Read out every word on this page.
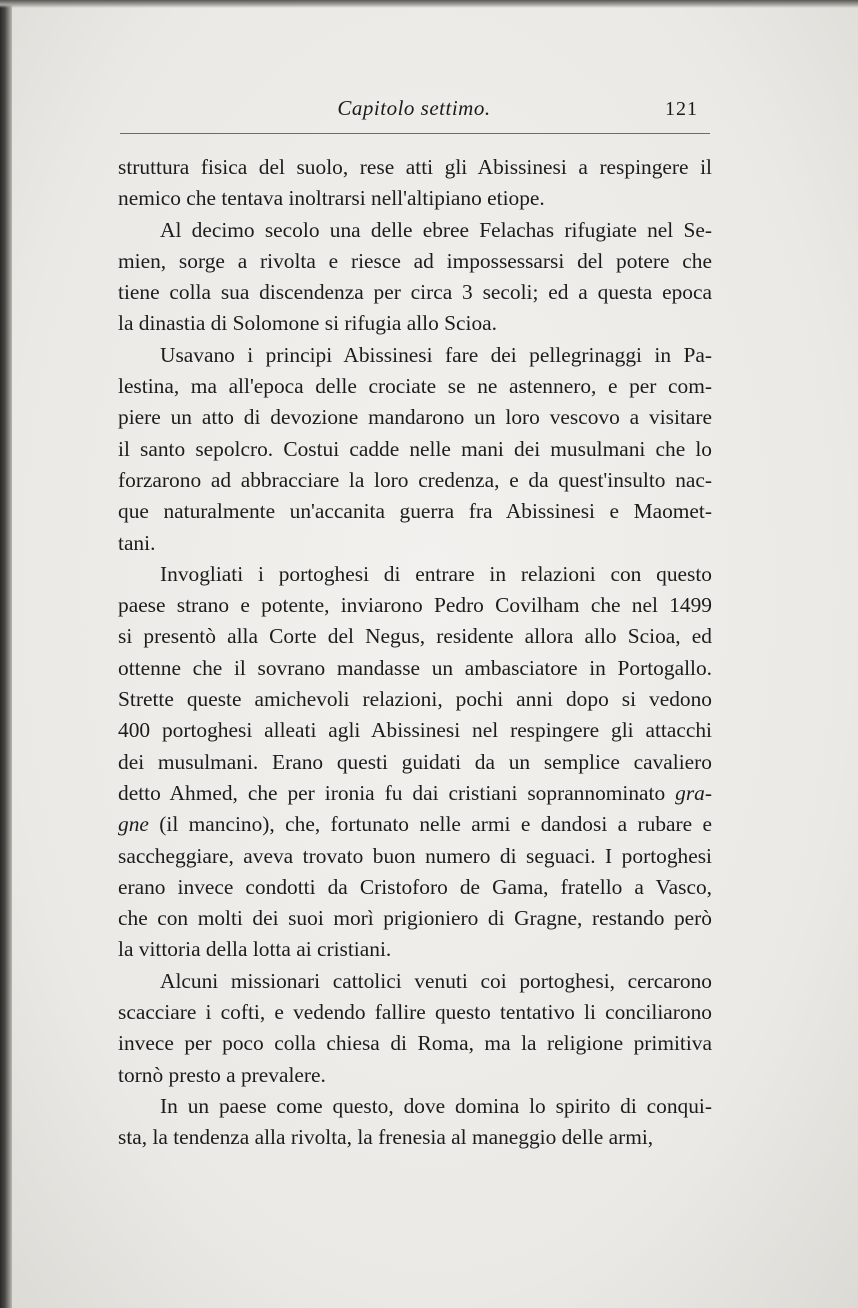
Capitolo settimo.	121

struttura fisica del suolo, rese atti gli Abissinesi a respingere il
nemico che tentava inoltrarsi nell'altipiano etiope.

Al decimo secolo una delle ebree Felachas rifugiate nel Se-
mien, sorge a rivolta e riesce ad impossessarsi del potere che
tiene colla sua discendenza per circa 3 secoli; ed a questa epoca
la dinastia di Solomone si rifugia allo Scioa.

Usavano i principi Abissinesi fare dei pellegrinaggi in Pa-
lestina, ma all'epoca delle crociate se ne astennero, e per com-
piere un atto di devozione mandarono un loro vescovo a visitare
il santo sepolcro. Costui cadde nelle mani dei musulmani che lo
forzarono ad abbracciare la loro credenza, e da quest'insulto nac-
que naturalmente un'accanita guerra fra Abissinesi e Maomet-
tani.

Invogliati i portoghesi di entrare in relazioni con questo
paese strano e potente, inviarono Pedro Covilham che nel 1499
si presentò alla Corte del Negus, residente allora allo Scioa, ed
ottenne che il sovrano mandasse un ambasciatore in Portogallo.
Strette queste amichevoli relazioni, pochi anni dopo si vedono
400 portoghesi alleati agli Abissinesi nel respingere gli attacchi
dei musulmani. Erano questi guidati da un semplice cavaliero
detto Ahmed, che per ironia fu dai cristiani soprannominato gra-
gne (il mancino), che, fortunato nelle armi e dandosi a rubare e
saccheggiare, aveva trovato buon numero di seguaci. I portoghesi
erano invece condotti da Cristoforo de Gama, fratello a Vasco,
che con molti dei suoi morì prigioniero di Gragne, restando però
la vittoria della lotta ai cristiani.

Alcuni missionari cattolici venuti coi portoghesi, cercarono
scacciare i cofti, e vedendo fallire questo tentativo li conciliarono
invece per poco colla chiesa di Roma, ma la religione primitiva
tornò presto a prevalere.

In un paese come questo, dove domina lo spirito di conqui-
sta, la tendenza alla rivolta, la frenesia al maneggio delle armi,
